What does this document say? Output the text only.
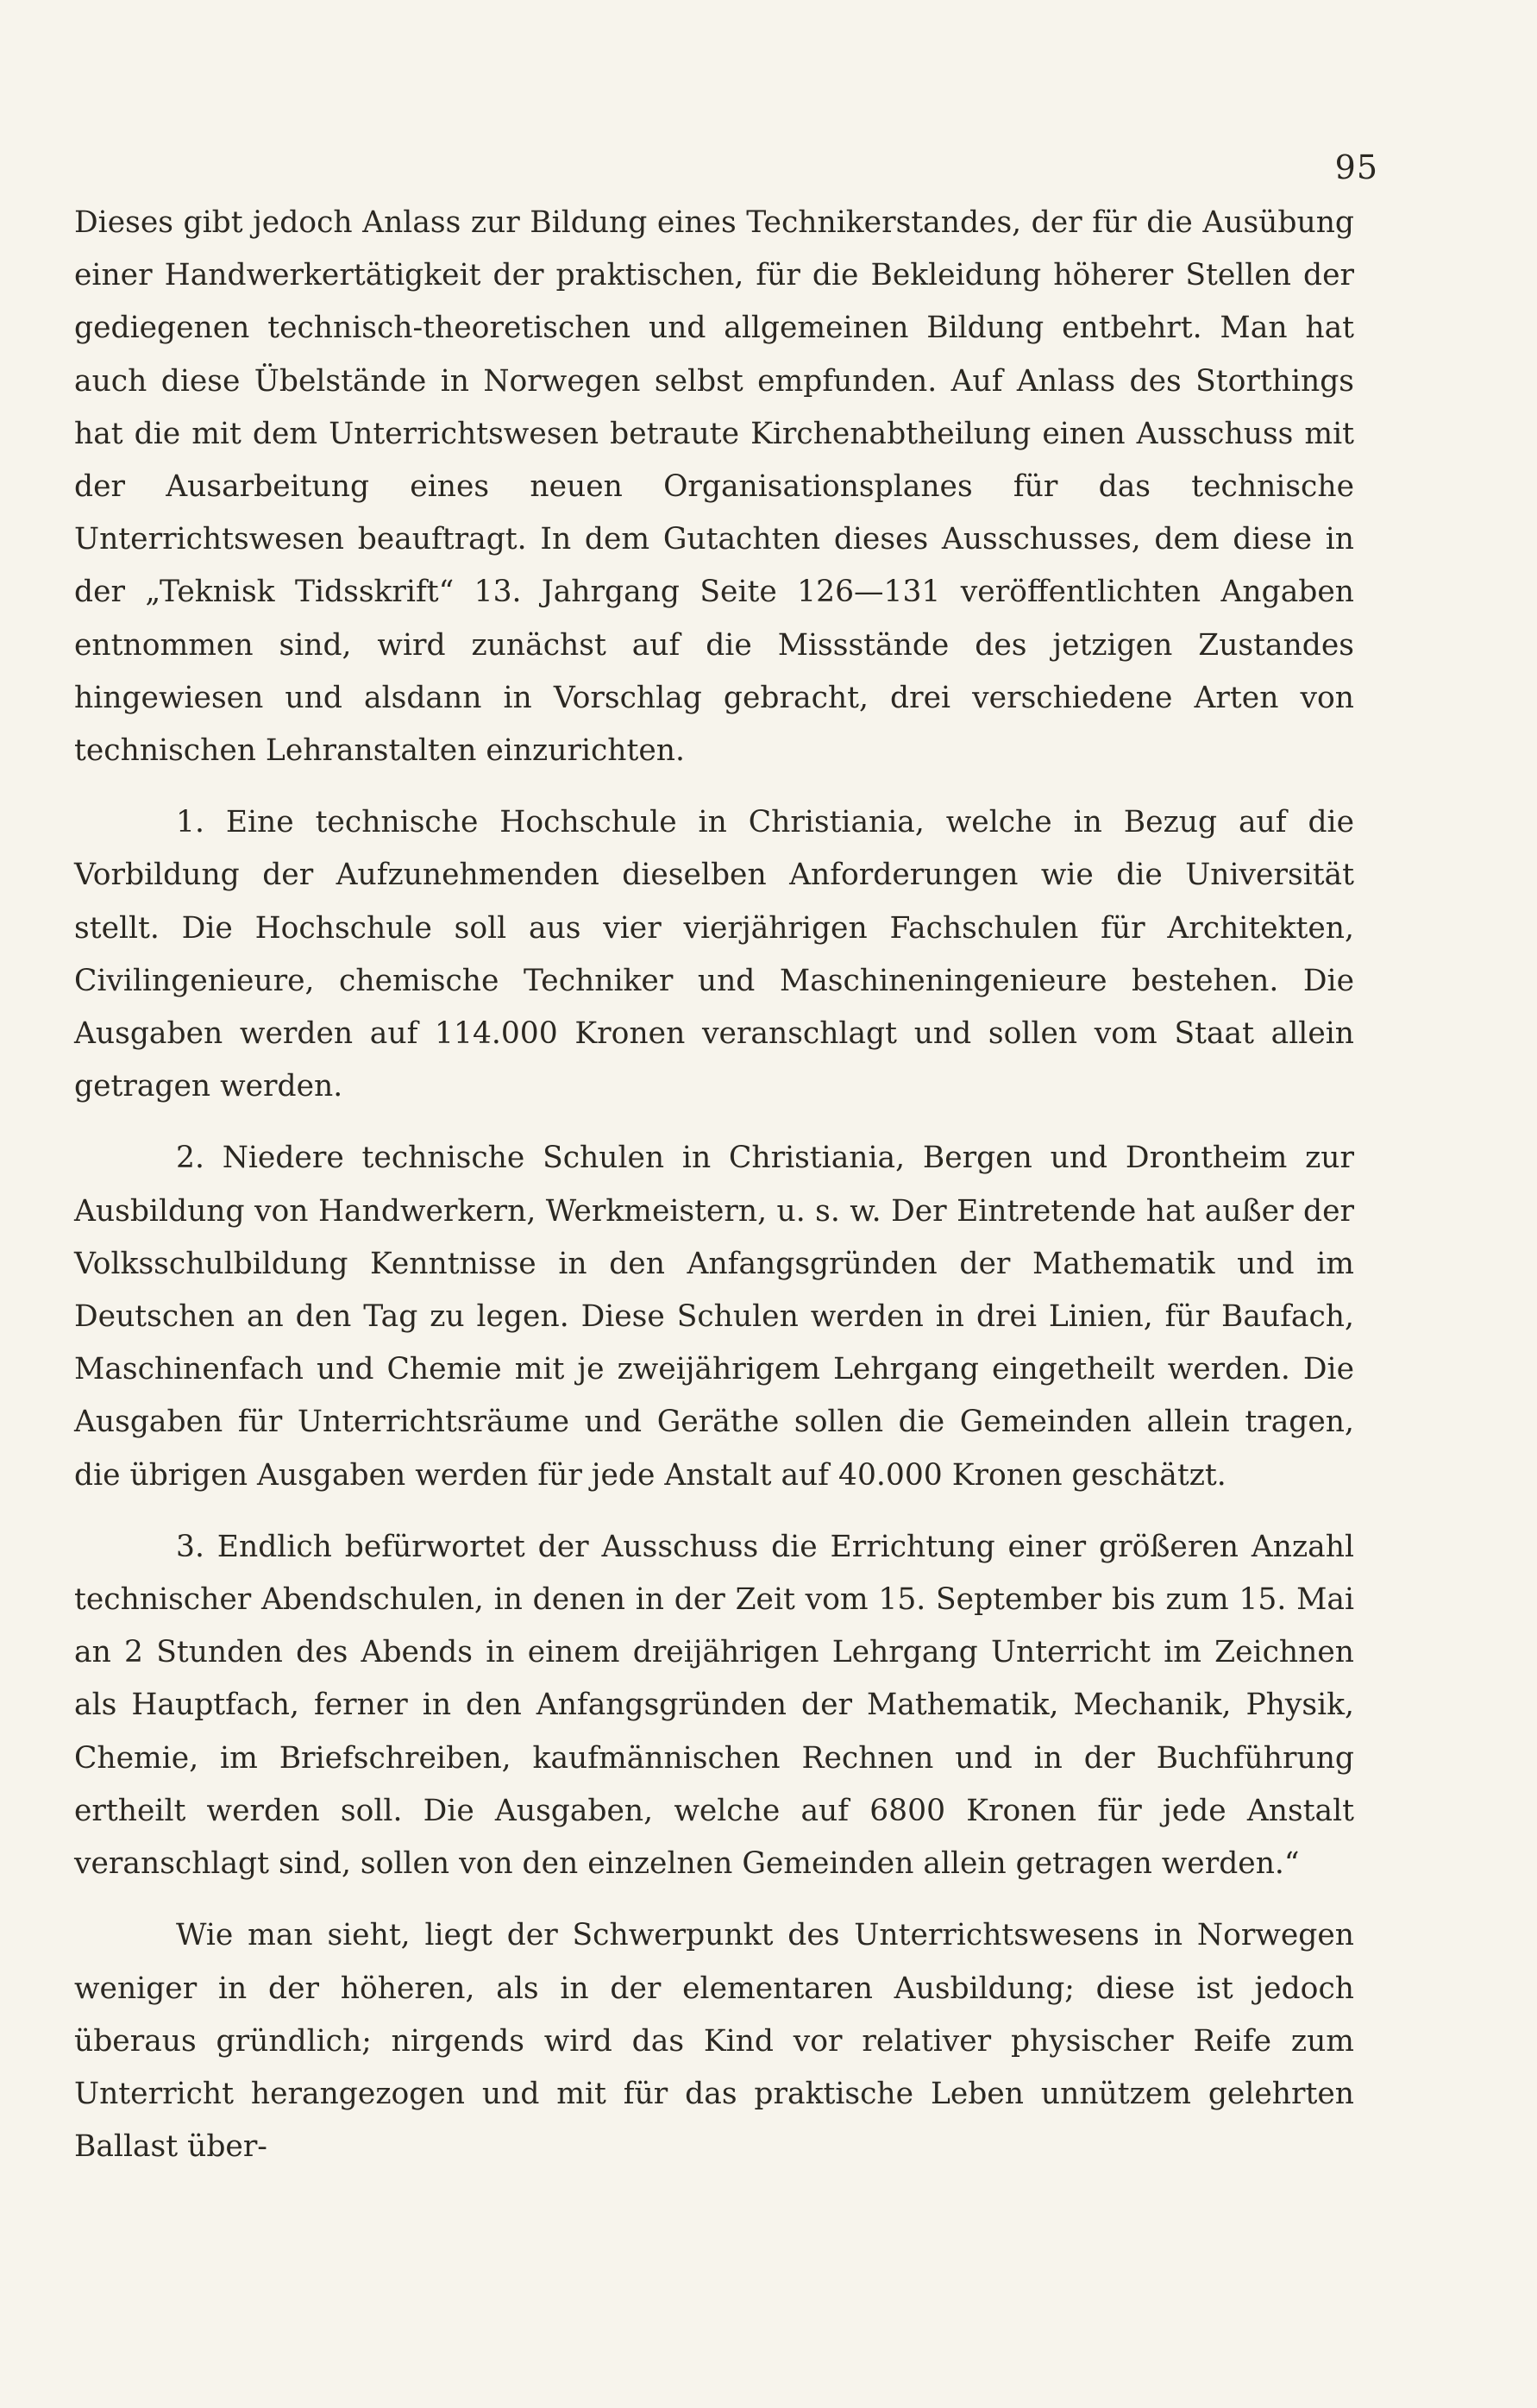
95

Dieses gibt jedoch Anlass zur Bildung eines Technikerstandes, der für die Ausübung einer Handwerkertätigkeit der praktischen, für die Bekleidung höherer Stellen der gediegenen technisch-theoretischen und allgemeinen Bildung entbehrt. Man hat auch diese Übelstände in Norwegen selbst empfunden. Auf Anlass des Storthings hat die mit dem Unterrichtswesen betraute Kirchenabtheilung einen Ausschuss mit der Ausarbeitung eines neuen Organisationsplanes für das technische Unterrichtswesen beauftragt. In dem Gutachten dieses Ausschusses, dem diese in der „Teknisk Tidsskrift“ 13. Jahrgang Seite 126—131 veröffentlichten Angaben entnommen sind, wird zunächst auf die Missstände des jetzigen Zustandes hingewiesen und alsdann in Vorschlag gebracht, drei verschiedene Arten von technischen Lehranstalten einzurichten.

1. Eine technische Hochschule in Christiania, welche in Bezug auf die Vorbildung der Aufzunehmenden dieselben Anforderungen wie die Universität stellt. Die Hochschule soll aus vier vierjährigen Fachschulen für Architekten, Civilingenieure, chemische Techniker und Maschineningenieure bestehen. Die Ausgaben werden auf 114.000 Kronen veranschlagt und sollen vom Staat allein getragen werden.

2. Niedere technische Schulen in Christiania, Bergen und Drontheim zur Ausbildung von Handwerkern, Werkmeistern, u. s. w. Der Eintretende hat außer der Volksschulbildung Kenntnisse in den Anfangsgründen der Mathematik und im Deutschen an den Tag zu legen. Diese Schulen werden in drei Linien, für Baufach, Maschinenfach und Chemie mit je zweijährigem Lehrgang eingetheilt werden. Die Ausgaben für Unterrichtsräume und Geräthe sollen die Gemeinden allein tragen, die übrigen Ausgaben werden für jede Anstalt auf 40.000 Kronen geschätzt.

3. Endlich befürwortet der Ausschuss die Errichtung einer größeren Anzahl technischer Abendschulen, in denen in der Zeit vom 15. September bis zum 15. Mai an 2 Stunden des Abends in einem dreijährigen Lehrgang Unterricht im Zeichnen als Hauptfach, ferner in den Anfangsgründen der Mathematik, Mechanik, Physik, Chemie, im Briefschreiben, kaufmännischen Rechnen und in der Buchführung ertheilt werden soll. Die Ausgaben, welche auf 6800 Kronen für jede Anstalt veranschlagt sind, sollen von den einzelnen Gemeinden allein getragen werden.“

Wie man sieht, liegt der Schwerpunkt des Unterrichtswesens in Norwegen weniger in der höheren, als in der elementaren Ausbildung; diese ist jedoch überaus gründlich; nirgends wird das Kind vor relativer physischer Reife zum Unterricht herangezogen und mit für das praktische Leben unnützem gelehrten Ballast über-
